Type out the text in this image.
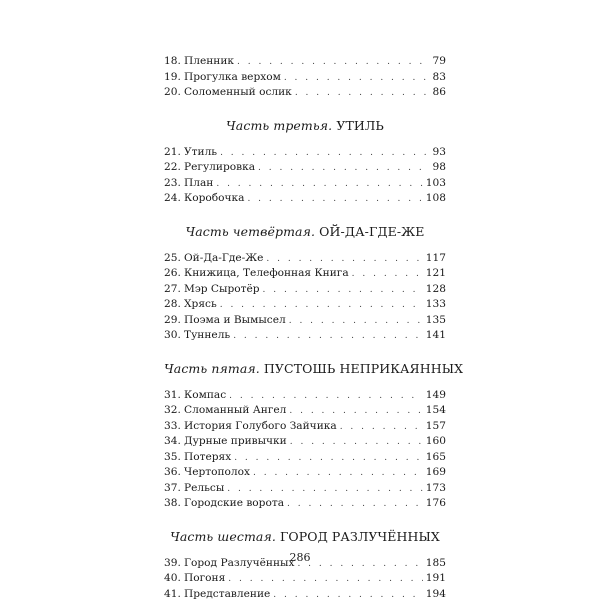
18. Пленник . . .	79
19. Прогулка верхом . . .	83
20. Соломенный ослик . . .	86
Часть третья. УТИЛЬ
21. Утиль . . .	93
22. Регулировка . . .	98
23. План . . .	103
24. Коробочка . . .	108
Часть четвёртая. ОЙ-ДА-ГДЕ-ЖЕ
25. Ой-Да-Где-Же . . .	117
26. Книжица, Телефонная Книга . . .	121
27. Мэр Сыротёр . . .	128
28. Хрясь . . .	133
29. Поэма и Вымысел . . .	135
30. Туннель . . .	141
Часть пятая. ПУСТОШЬ НЕПРИКАЯННЫХ
31. Компас . . .	149
32. Сломанный Ангел . . .	154
33. История Голубого Зайчика . . .	157
34. Дурные привычки . . .	160
35. Потерях . . .	165
36. Чертополох . . .	169
37. Рельсы . . .	173
38. Городские ворота . . .	176
Часть шестая. ГОРОД РАЗЛУЧЁННЫХ
39. Город Разлучённых . . .	185
40. Погоня . . .	191
41. Представление . . .	194
286
